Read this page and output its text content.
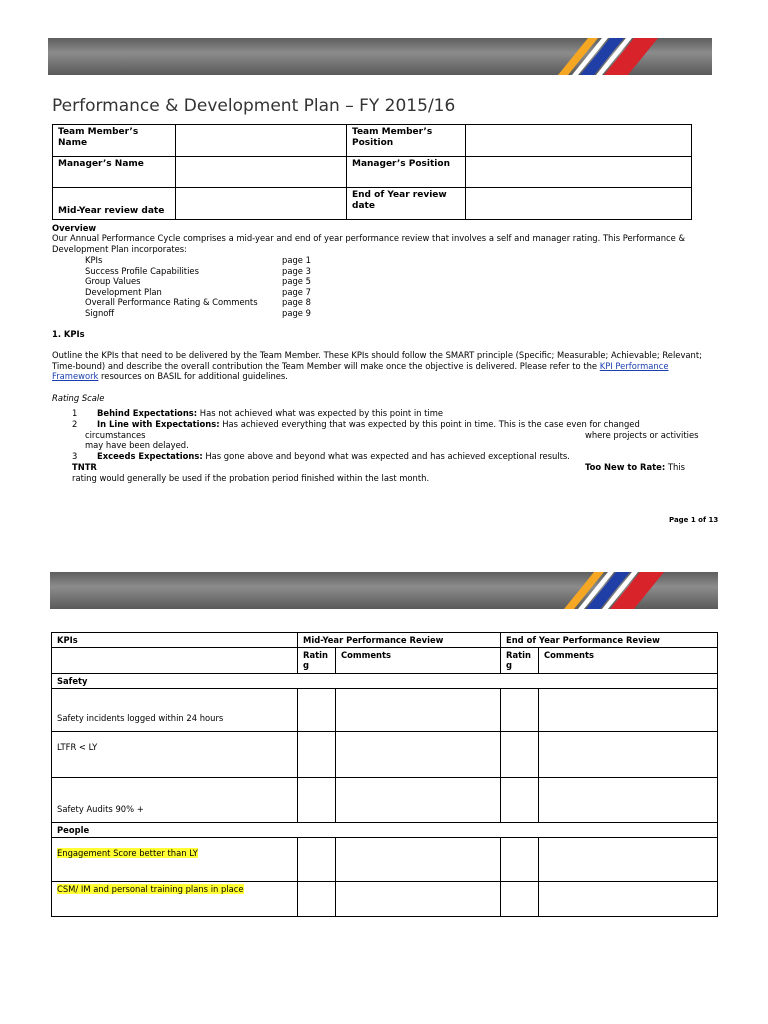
Performance & Development Plan – FY 2015/16
Team Member’s Name		Team Member’s Position	
Manager’s Name		Manager’s Position	
Mid-Year review date		End of Year review date	
Overview
Our Annual Performance Cycle comprises a mid-year and end of year performance review that involves a self and manager rating. This Performance & Development Plan incorporates:
KPIs	page 1
Success Profile Capabilities	page 3
Group Values	page 5
Development Plan	page 7
Overall Performance Rating & Comments	page 8
Signoff	page 9
1. KPIs
Outline the KPIs that need to be delivered by the Team Member. These KPIs should follow the SMART principle (Specific; Measurable; Achievable; Relevant; Time-bound) and describe the overall contribution the Team Member will make once the objective is delivered. Please refer to the KPI Performance Framework resources on BASIL for additional guidelines.
Rating Scale
1 Behind Expectations: Has not achieved what was expected by this point in time
2 In Line with Expectations: Has achieved everything that was expected by this point in time. This is the case even for changed
circumstances	where projects or activities
may have been delayed.
3 Exceeds Expectations: Has gone above and beyond what was expected and has achieved exceptional results.
TNTR	Too New to Rate: This
rating would generally be used if the probation period finished within the last month.
Page 1 of 13
KPIs	Mid-Year Performance Review		End of Year Performance Review	
	Ratin g	Comments	Ratin g	Comments
Safety				
Safety incidents logged within 24 hours				
LTFR < LY				
Safety Audits 90% +				
People				
Engagement Score better than LY				
CSM/ IM and personal training plans in place				
